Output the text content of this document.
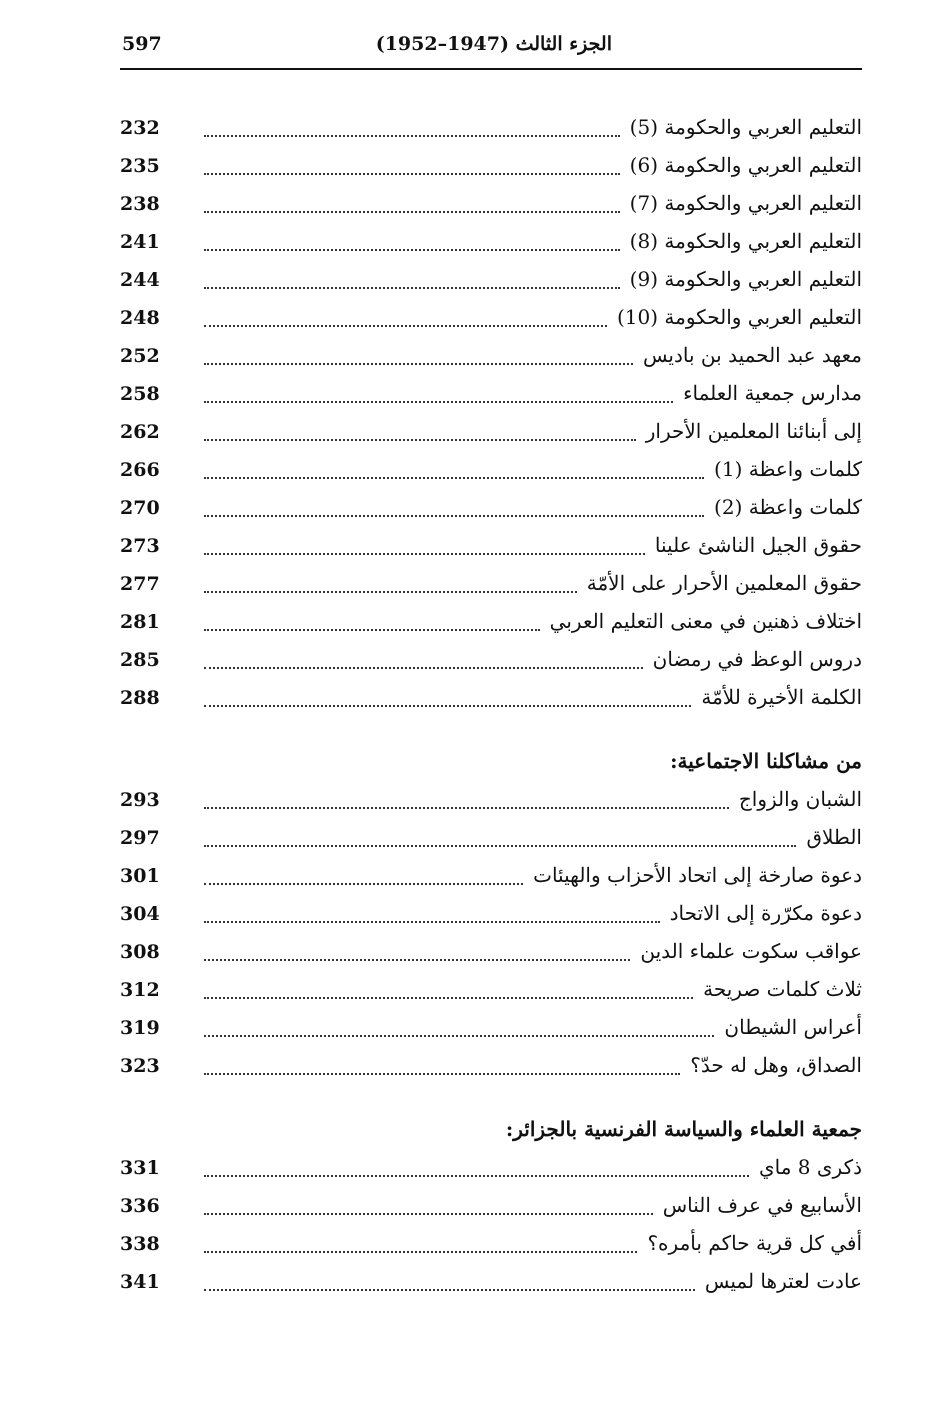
الجزء الثالث (1947–1952)
597
التعليم العربي والحكومة (5)
232
التعليم العربي والحكومة (6)
235
التعليم العربي والحكومة (7)
238
التعليم العربي والحكومة (8)
241
التعليم العربي والحكومة (9)
244
التعليم العربي والحكومة (10)
248
معهد عبد الحميد بن باديس
252
مدارس جمعية العلماء
258
إلى أبنائنا المعلمين الأحرار
262
كلمات واعظة (1)
266
كلمات واعظة (2)
270
حقوق الجيل الناشئ علينا
273
حقوق المعلمين الأحرار على الأمّة
277
اختلاف ذهنين في معنى التعليم العربي
281
دروس الوعظ في رمضان
285
الكلمة الأخيرة للأمّة
288
من مشاكلنا الاجتماعية:
الشبان والزواج
293
الطلاق
297
دعوة صارخة إلى اتحاد الأحزاب والهيئات
301
دعوة مكرّرة إلى الاتحاد
304
عواقب سكوت علماء الدين
308
ثلاث كلمات صريحة
312
أعراس الشيطان
319
الصداق، وهل له حدّ؟
323
جمعية العلماء والسياسة الفرنسية بالجزائر:
ذكرى 8 ماي
331
الأسابيع في عرف الناس
336
أفي كل قرية حاكم بأمره؟
338
عادت لعترها لميس
341
